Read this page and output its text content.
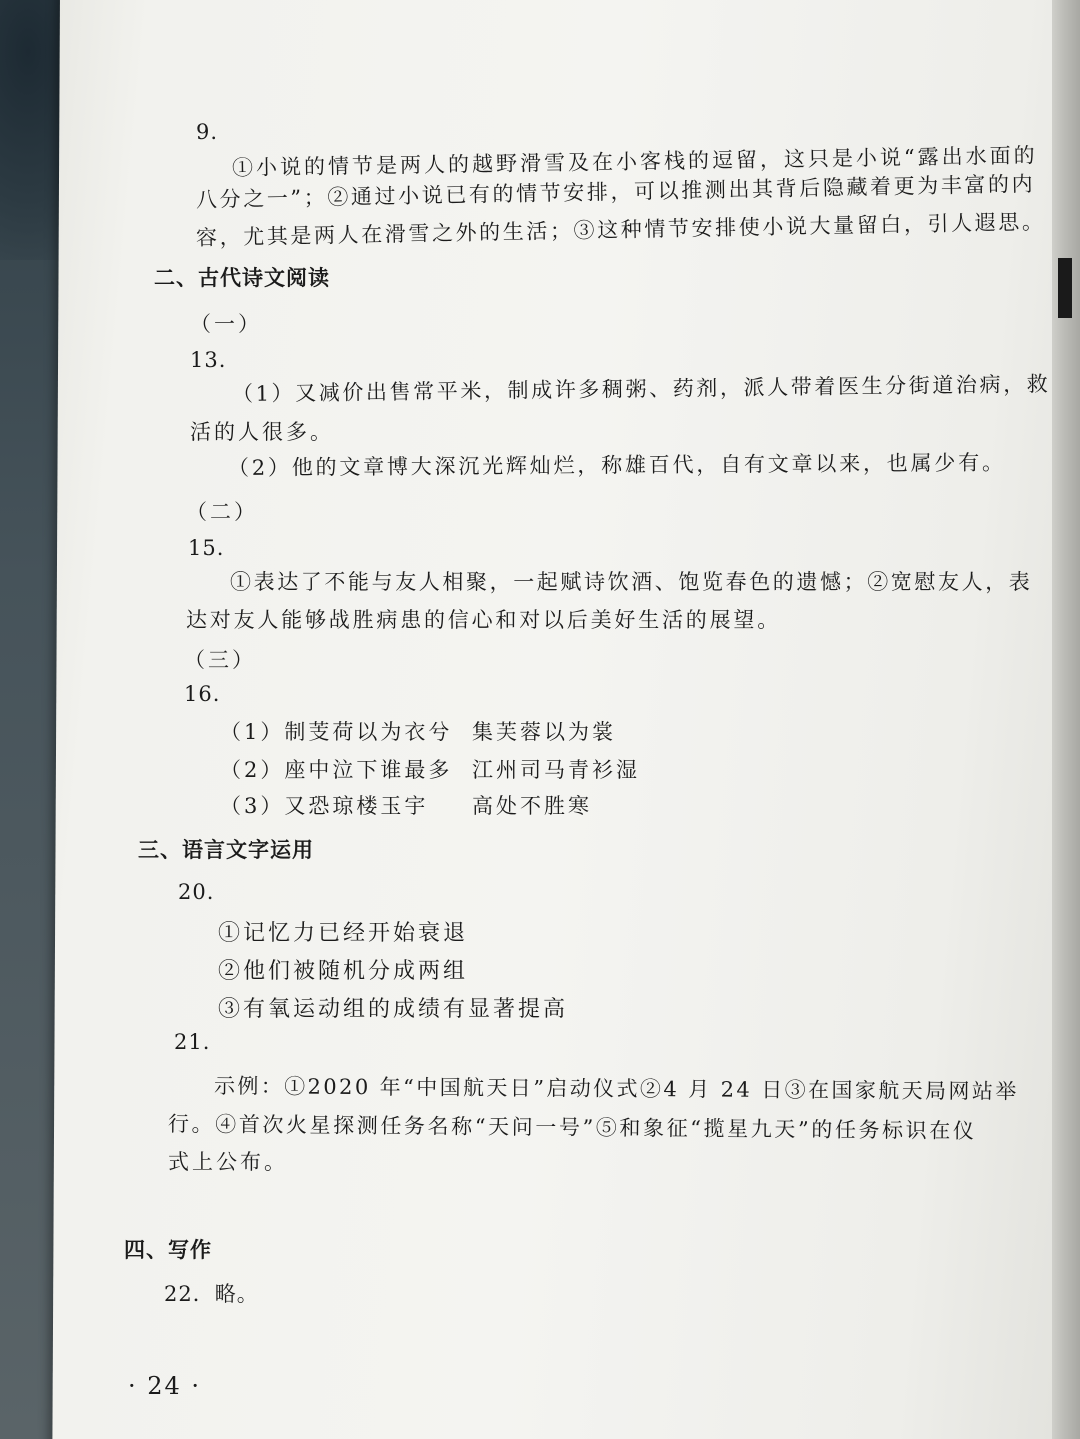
9.
①小说的情节是两人的越野滑雪及在小客栈的逗留，这只是小说“露出水面的
八分之一”；②通过小说已有的情节安排，可以推测出其背后隐藏着更为丰富的内
容，尤其是两人在滑雪之外的生活；③这种情节安排使小说大量留白，引人遐思。
二、古代诗文阅读
（一）
13.
（1）又减价出售常平米，制成许多稠粥、药剂，派人带着医生分街道治病，救
活的人很多。
（2）他的文章博大深沉光辉灿烂，称雄百代，自有文章以来，也属少有。
（二）
15.
①表达了不能与友人相聚，一起赋诗饮酒、饱览春色的遗憾；②宽慰友人，表
达对友人能够战胜病患的信心和对以后美好生活的展望。
（三）
16.
（1）制芰荷以为衣兮 集芙蓉以为裳
（2）座中泣下谁最多 江州司马青衫湿
（3）又恐琼楼玉宇 高处不胜寒
三、语言文字运用
20.
①记忆力已经开始衰退
②他们被随机分成两组
③有氧运动组的成绩有显著提高
21.
示例：①2020 年“中国航天日”启动仪式②4 月 24 日③在国家航天局网站举
行。④首次火星探测任务名称“天问一号”⑤和象征“揽星九天”的任务标识在仪
式上公布。
四、写作
22．略。
· 24 ·
